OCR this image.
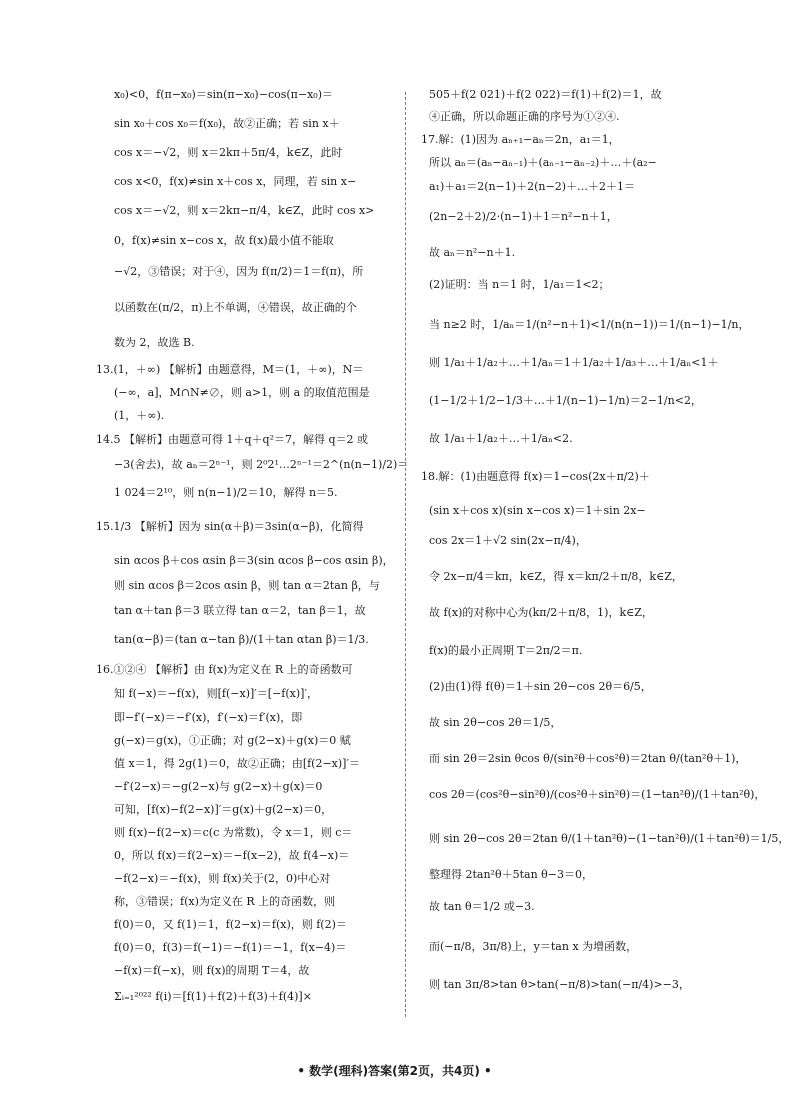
x₀)<0，f(π−x₀)＝sin(π−x₀)−cos(π−x₀)＝
sin x₀＋cos x₀＝f(x₀)，故②正确；若 sin x＋
cos x＝−√2，则 x＝2kπ＋5π/4，k∈Z，此时
cos x<0，f(x)≠sin x＋cos x，同理，若 sin x−
cos x＝−√2，则 x＝2kπ−π/4，k∈Z，此时 cos x>
0，f(x)≠sin x−cos x，故 f(x)最小值不能取
−√2，③错误；对于④，因为 f(π/2)＝1＝f(π)，所
以函数在(π/2，π)上不单调，④错误，故正确的个
数为 2，故选 B.
13.(1，＋∞) 【解析】由题意得，M＝(1，＋∞)，N＝
(−∞，a]，M∩N≠∅，则 a>1，则 a 的取值范围是
(1，＋∞).
14.5 【解析】由题意可得 1＋q＋q²＝7，解得 q＝2 或
−3(舍去)，故 aₙ＝2ⁿ⁻¹，则 2⁰2¹…2ⁿ⁻¹＝2^(n(n−1)/2)＝
1 024＝2¹⁰，则 n(n−1)/2＝10，解得 n＝5.
15.1/3 【解析】因为 sin(α＋β)＝3sin(α−β)，化简得
sin αcos β＋cos αsin β＝3(sin αcos β−cos αsin β)，
则 sin αcos β＝2cos αsin β，则 tan α＝2tan β，与
tan α＋tan β＝3 联立得 tan α＝2，tan β＝1，故
tan(α−β)＝(tan α−tan β)/(1＋tan αtan β)＝1/3.
16.①②④ 【解析】由 f(x)为定义在 R 上的奇函数可
知 f(−x)＝−f(x)，则[f(−x)]′＝[−f(x)]′，
即−f′(−x)＝−f′(x)，f′(−x)＝f′(x)，即
g(−x)＝g(x)，①正确；对 g(2−x)＋g(x)＝0 赋
值 x＝1，得 2g(1)＝0，故②正确；由[f(2−x)]′＝
−f′(2−x)＝−g(2−x)与 g(2−x)＋g(x)＝0
可知，[f(x)−f(2−x)]′＝g(x)＋g(2−x)＝0，
则 f(x)−f(2−x)＝c(c 为常数)，令 x＝1，则 c＝
0，所以 f(x)＝f(2−x)＝−f(x−2)，故 f(4−x)＝
−f(2−x)＝−f(x)，则 f(x)关于(2，0)中心对
称，③错误；f(x)为定义在 R 上的奇函数，则
f(0)＝0，又 f(1)＝1，f(2−x)＝f(x)，则 f(2)＝
f(0)＝0，f(3)＝f(−1)＝−f(1)＝−1，f(x−4)＝
−f(x)＝f(−x)，则 f(x)的周期 T＝4，故
Σᵢ₌₁²⁰²² f(i)＝[f(1)＋f(2)＋f(3)＋f(4)]×
505＋f(2 021)＋f(2 022)＝f(1)＋f(2)＝1，故
④正确，所以命题正确的序号为①②④.
17.解：(1)因为 aₙ₊₁−aₙ＝2n，a₁＝1，
所以 aₙ＝(aₙ−aₙ₋₁)＋(aₙ₋₁−aₙ₋₂)＋…＋(a₂−
a₁)＋a₁＝2(n−1)＋2(n−2)＋…＋2＋1＝
(2n−2＋2)/2·(n−1)＋1＝n²−n＋1，
故 aₙ＝n²−n＋1.
(2)证明：当 n＝1 时，1/a₁＝1<2；
当 n≥2 时，1/aₙ＝1/(n²−n＋1)<1/(n(n−1))＝1/(n−1)−1/n，
则 1/a₁＋1/a₂＋…＋1/aₙ＝1＋1/a₂＋1/a₃＋…＋1/aₙ<1＋
(1−1/2＋1/2−1/3＋…＋1/(n−1)−1/n)＝2−1/n<2，
故 1/a₁＋1/a₂＋…＋1/aₙ<2.
18.解：(1)由题意得 f(x)＝1−cos(2x＋π/2)＋
(sin x＋cos x)(sin x−cos x)＝1＋sin 2x−
cos 2x＝1＋√2 sin(2x−π/4)，
令 2x−π/4＝kπ，k∈Z，得 x＝kπ/2＋π/8，k∈Z，
故 f(x)的对称中心为(kπ/2＋π/8，1)，k∈Z，
f(x)的最小正周期 T＝2π/2＝π.
(2)由(1)得 f(θ)＝1＋sin 2θ−cos 2θ＝6/5，
故 sin 2θ−cos 2θ＝1/5，
而 sin 2θ＝2sin θcos θ/(sin²θ＋cos²θ)＝2tan θ/(tan²θ＋1)，
cos 2θ＝(cos²θ−sin²θ)/(cos²θ＋sin²θ)＝(1−tan²θ)/(1＋tan²θ)，
则 sin 2θ−cos 2θ＝2tan θ/(1＋tan²θ)−(1−tan²θ)/(1＋tan²θ)＝1/5，
整理得 2tan²θ＋5tan θ−3＝0，
故 tan θ＝1/2 或−3.
而(−π/8，3π/8)上，y＝tan x 为增函数，
则 tan 3π/8>tan θ>tan(−π/8)>tan(−π/4)>−3，
• 数学(理科)答案(第2页，共4页) •
